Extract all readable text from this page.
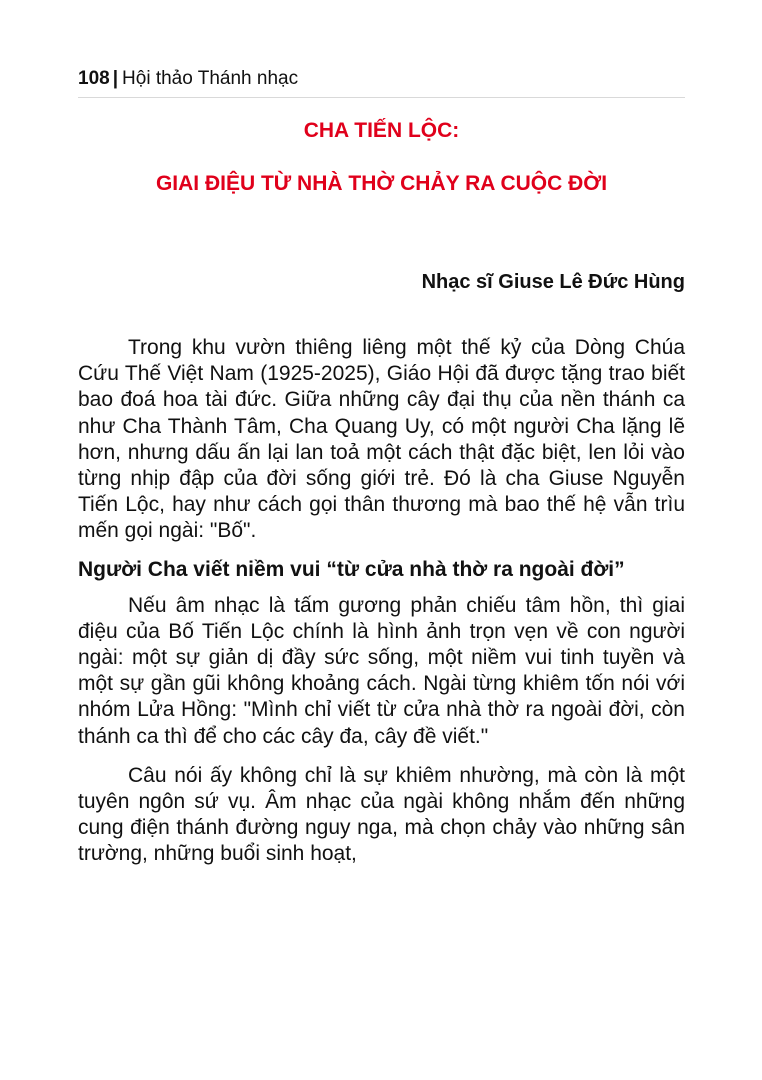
108 | Hội thảo Thánh nhạc
CHA TIẾN LỘC:
GIAI ĐIỆU TỪ NHÀ THỜ CHẢY RA CUỘC ĐỜI
Nhạc sĩ Giuse Lê Đức Hùng

Trong khu vườn thiêng liêng một thế kỷ của Dòng Chúa Cứu Thế Việt Nam (1925-2025), Giáo Hội đã được tặng trao biết bao đoá hoa tài đức. Giữa những cây đại thụ của nền thánh ca như Cha Thành Tâm, Cha Quang Uy, có một người Cha lặng lẽ hơn, nhưng dấu ấn lại lan toả một cách thật đặc biệt, len lỏi vào từng nhịp đập của đời sống giới trẻ. Đó là cha Giuse Nguyễn Tiến Lộc, hay như cách gọi thân thương mà bao thế hệ vẫn trìu mến gọi ngài: "Bố".

Người Cha viết niềm vui “từ cửa nhà thờ ra ngoài đời”

Nếu âm nhạc là tấm gương phản chiếu tâm hồn, thì giai điệu của Bố Tiến Lộc chính là hình ảnh trọn vẹn về con người ngài: một sự giản dị đầy sức sống, một niềm vui tinh tuyền và một sự gần gũi không khoảng cách. Ngài từng khiêm tốn nói với nhóm Lửa Hồng: "Mình chỉ viết từ cửa nhà thờ ra ngoài đời, còn thánh ca thì để cho các cây đa, cây đề viết."

Câu nói ấy không chỉ là sự khiêm nhường, mà còn là một tuyên ngôn sứ vụ. Âm nhạc của ngài không nhắm đến những cung điện thánh đường nguy nga, mà chọn chảy vào những sân trường, những buổi sinh hoạt,
